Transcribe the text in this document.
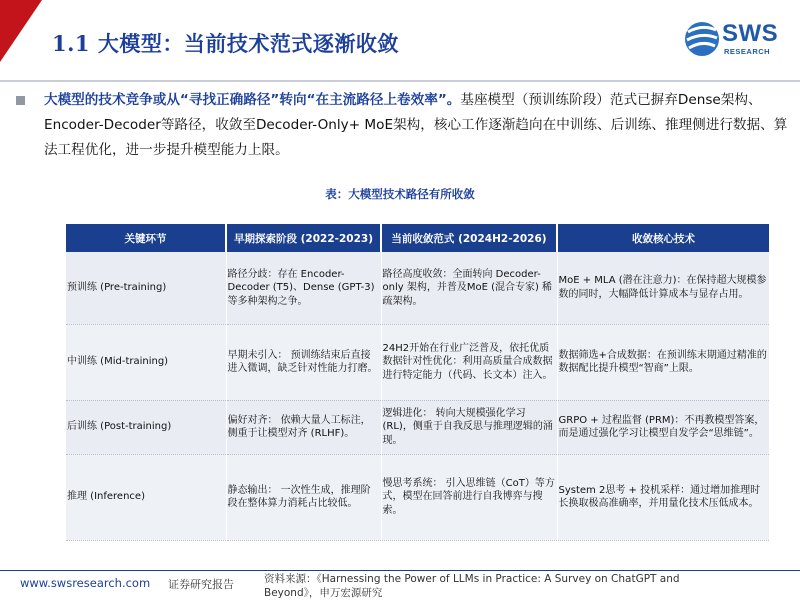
1.1 大模型：当前技术范式逐渐收敛	SWS
RESEARCH

大模型的技术竞争或从“寻找正确路径”转向“在主流路径上卷效率”。基座模型（预训练阶段）范式已摒弃Dense架构、Encoder-Decoder等路径，收敛至Decoder-Only+ MoE架构，核心工作逐渐趋向在中训练、后训练、推理侧进行数据、算法工程优化，进一步提升模型能力上限。

表：大模型技术路径有所收敛
关键环节	早期探索阶段 (2022-2023)	当前收敛范式 (2024H2-2026)	收敛核心技术
预训练 (Pre-training)	路径分歧：存在 Encoder-Decoder (T5)、Dense (GPT-3) 等多种架构之争。	路径高度收敛：全面转向 Decoder-only 架构，并普及MoE (混合专家) 稀疏架构。	MoE + MLA (潜在注意力)：在保持超大规模参数的同时，大幅降低计算成本与显存占用。
中训练 (Mid-training)	早期未引入： 预训练结束后直接进入微调，缺乏针对性能力打磨。	24H2开始在行业广泛普及，依托优质数据针对性优化：利用高质量合成数据进行特定能力（代码、长文本）注入。	数据筛选+合成数据：在预训练末期通过精准的数据配比提升模型“智商”上限。
后训练 (Post-training)	偏好对齐： 依赖大量人工标注，侧重于让模型对齐 (RLHF)。	逻辑进化： 转向大规模强化学习 (RL)，侧重于自我反思与推理逻辑的涌现。	GRPO + 过程监督 (PRM)：不再教模型答案，而是通过强化学习让模型自发学会“思维链”。
推理 (Inference)	静态输出： 一次性生成，推理阶段在整体算力消耗占比较低。	慢思考系统： 引入思维链（CoT）等方式，模型在回答前进行自我博弈与搜索。	System 2思考 + 投机采样：通过增加推理时长换取极高准确率，并用量化技术压低成本。
www.swsresearch.com 证券研究报告	资料来源：《Harnessing the Power of LLMs in Practice: A Survey on ChatGPT and Beyond》，申万宏源研究
